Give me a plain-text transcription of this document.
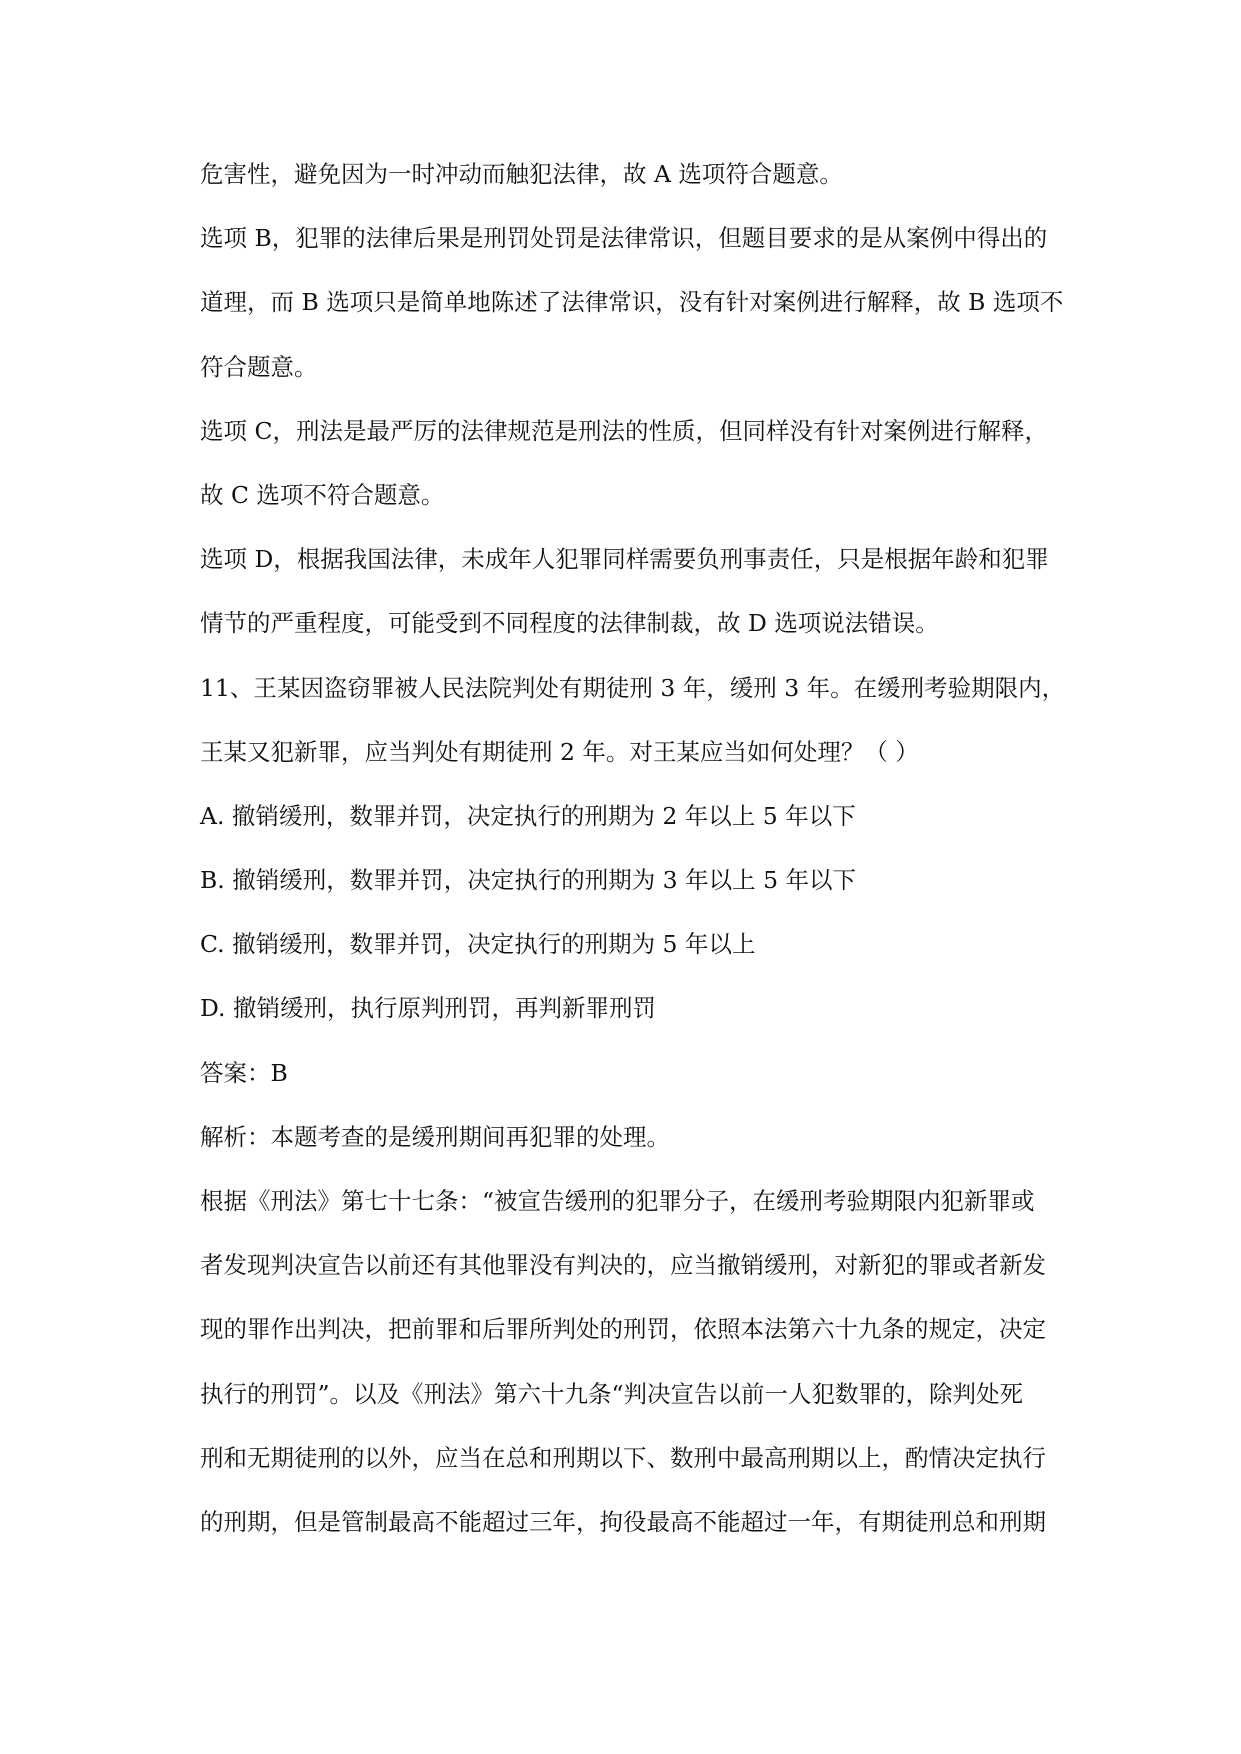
危害性，避免因为一时冲动而触犯法律，故 A 选项符合题意。

选项 B，犯罪的法律后果是刑罚处罚是法律常识，但题目要求的是从案例中得出的

道理，而 B 选项只是简单地陈述了法律常识，没有针对案例进行解释，故 B 选项不

符合题意。

选项 C，刑法是最严厉的法律规范是刑法的性质，但同样没有针对案例进行解释，

故 C 选项不符合题意。

选项 D，根据我国法律，未成年人犯罪同样需要负刑事责任，只是根据年龄和犯罪

情节的严重程度，可能受到不同程度的法律制裁，故 D 选项说法错误。

11、王某因盗窃罪被人民法院判处有期徒刑 3 年，缓刑 3 年。在缓刑考验期限内，

王某又犯新罪，应当判处有期徒刑 2 年。对王某应当如何处理？（ ）

A. 撤销缓刑，数罪并罚，决定执行的刑期为 2 年以上 5 年以下

B. 撤销缓刑，数罪并罚，决定执行的刑期为 3 年以上 5 年以下

C. 撤销缓刑，数罪并罚，决定执行的刑期为 5 年以上

D. 撤销缓刑，执行原判刑罚，再判新罪刑罚

答案：B

解析：本题考查的是缓刑期间再犯罪的处理。

根据《刑法》第七十七条：“被宣告缓刑的犯罪分子，在缓刑考验期限内犯新罪或

者发现判决宣告以前还有其他罪没有判决的，应当撤销缓刑，对新犯的罪或者新发

现的罪作出判决，把前罪和后罪所判处的刑罚，依照本法第六十九条的规定，决定

执行的刑罚”。以及《刑法》第六十九条“判决宣告以前一人犯数罪的，除判处死

刑和无期徒刑的以外，应当在总和刑期以下、数刑中最高刑期以上，酌情决定执行

的刑期，但是管制最高不能超过三年，拘役最高不能超过一年，有期徒刑总和刑期
